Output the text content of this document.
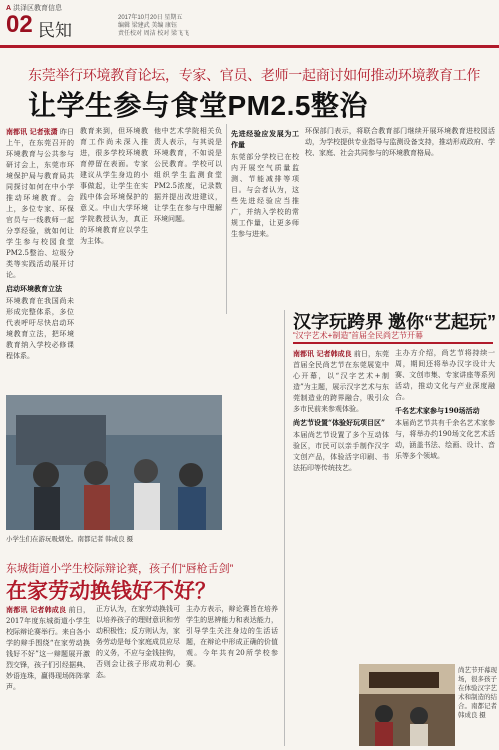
A 洪泽区教育信息
02 民知
2017年10月20日 星期五
编辑 梁建武 美编 康钰
责任校对 周洁 校对 梁飞飞
东莞举行环境教育论坛，专家、官员、老师一起商讨如何推动环境教育工作
让学生参与食堂PM2.5整治
南都讯 记者张潇 昨日上午，在东莞召开的环境教育与公共参与研讨会上，东莞市环境保护局与教育局共同探讨如何在中小学推动环境教育。会上，多位专家、环保官员与一线教师一起分享经验，就如何让学生参与校园食堂PM2.5整治、垃圾分类等实践活动展开讨论。
启动环境教育立法
环境教育在我国尚未形成完整体系，多位代表呼吁尽快启动环境教育立法，把环境教育纳入学校必修课程体系。
教育来到，但环境教育工作尚未深入推进，很多学校环境教育停留在表面。专家建议从学生身边的小事做起，让学生在实践中体会环境保护的意义。中山大学环境学院教授认为，真正的环境教育应以学生为主体。
他中艺术学院相关负责人表示，与其说是环境教育，不如说是公民教育。学校可以组织学生监测食堂PM2.5浓度，记录数据并提出改进建议，让学生在参与中理解环境问题。
先进经验应发展为工作量
东莞部分学校已在校内开展空气质量监测、节能减排等项目。与会者认为，这些先进经验应当推广，并纳入学校的常规工作量，让更多师生参与进来。
环保部门表示，将联合教育部门继续开展环境教育进校园活动，为学校提供专业指导与监测设备支持，推动形成政府、学校、家庭、社会共同参与的环境教育格局。
小学生们在游玩吸烟处。南都记者 韩成良 摄
东城街道小学生校际辩论赛，孩子们“唇枪舌剑”
在家劳动换钱好不好？
南都讯 记者韩成良 前日，2017年度东城街道小学生校际辩论赛举行。来自各小学的辩手围绕“在家劳动换钱好不好”这一辩题展开激烈交锋，孩子们引经据典、妙语连珠，赢得现场阵阵掌声。
正方认为，在家劳动换钱可以培养孩子的理财意识和劳动积极性；反方则认为，家务劳动是每个家庭成员应尽的义务，不应与金钱挂钩，否则会让孩子形成功利心态。
主办方表示，辩论赛旨在培养学生的思辨能力和表达能力，引导学生关注身边的生活话题，在辩论中形成正确的价值观。今年共有20所学校参赛。
汉字玩跨界 邀你“艺起玩”
“汉字艺术+制造”首届全民尚艺节开幕
南都讯 记者韩成良 前日，东莞首届全民尚艺节在东莞展览中心开幕，以“汉字艺术+制造”为主题，展示汉字艺术与东莞制造业的跨界融合，吸引众多市民前来参观体验。
尚艺节设置“体验好玩项目区”
本届尚艺节设置了多个互动体验区，市民可以亲手制作汉字文创产品，体验活字印刷、书法拓印等传统技艺。
主办方介绍，尚艺节将持续一周，期间还将举办汉字设计大赛、文创市集、专家讲座等系列活动，推动文化与产业深度融合。
千名艺术家参与190场活动
本届尚艺节共有千余名艺术家参与，将举办约190场文化艺术活动，涵盖书法、绘画、设计、音乐等多个领域。
尚艺节开幕现场，很多孩子在体验汉字艺术和制造的结合。南都记者 韩成良 摄
